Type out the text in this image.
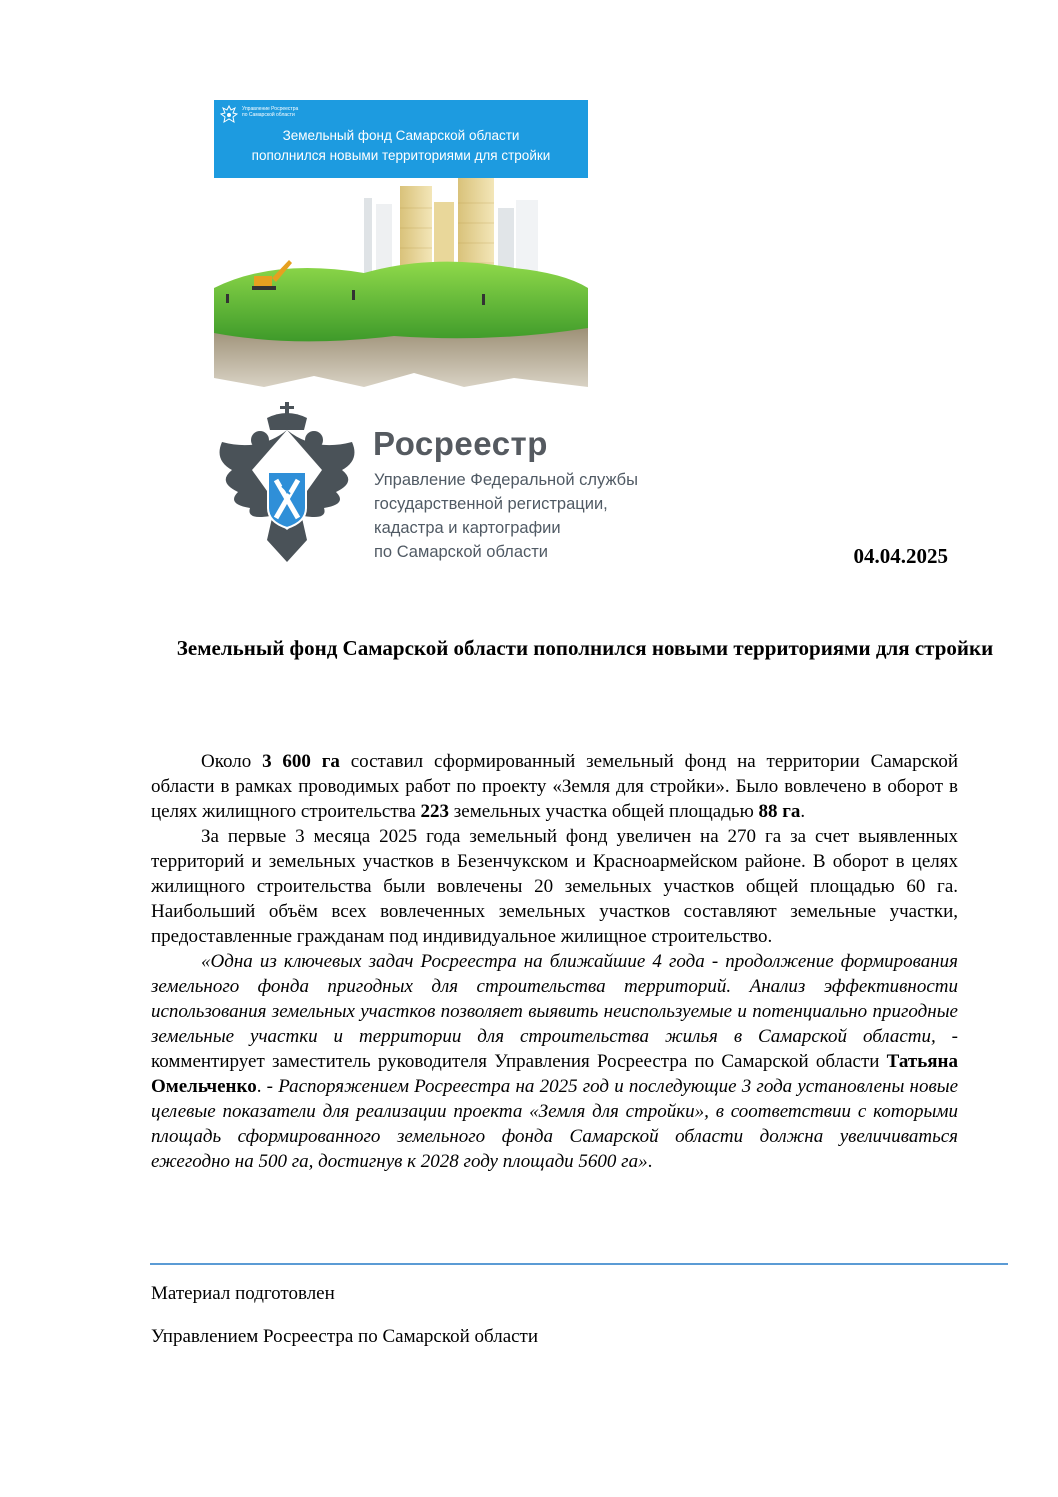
Управление Росреестра
по Самарской области
Земельный фонд Самарской области
пополнился новыми территориями для стройки
Росреестр
Управление Федеральной службы
государственной регистрации,
кадастра и картографии
по Самарской области	04.04.2025
Земельный фонд Самарской области пополнился новыми территориями для стройки

Около 3 600 га составил сформированный земельный фонд на территории Самарской области в рамках проводимых работ по проекту «Земля для стройки». Было вовлечено в оборот в целях жилищного строительства 223 земельных участка общей площадью 88 га.

За первые 3 месяца 2025 года земельный фонд увеличен на 270 га за счет выявленных территорий и земельных участков в Безенчукском и Красноармейском районе. В оборот в целях жилищного строительства были вовлечены 20 земельных участков общей площадью 60 га. Наибольший объём всех вовлеченных земельных участков составляют земельные участки, предоставленные гражданам под индивидуальное жилищное строительство.

«Одна из ключевых задач Росреестра на ближайшие 4 года - продолжение формирования земельного фонда пригодных для строительства территорий. Анализ эффективности использования земельных участков позволяет выявить неиспользуемые и потенциально пригодные земельные участки и территории для строительства жилья в Самарской области, - комментирует заместитель руководителя Управления Росреестра по Самарской области Татьяна Омельченко. - Распоряжением Росреестра на 2025 год и последующие 3 года установлены новые целевые показатели для реализации проекта «Земля для стройки», в соответствии с которыми площадь сформированного земельного фонда Самарской области должна увеличиваться ежегодно на 500 га, достигнув к 2028 году площади 5600 га».

Материал подготовлен
Управлением Росреестра по Самарской области
